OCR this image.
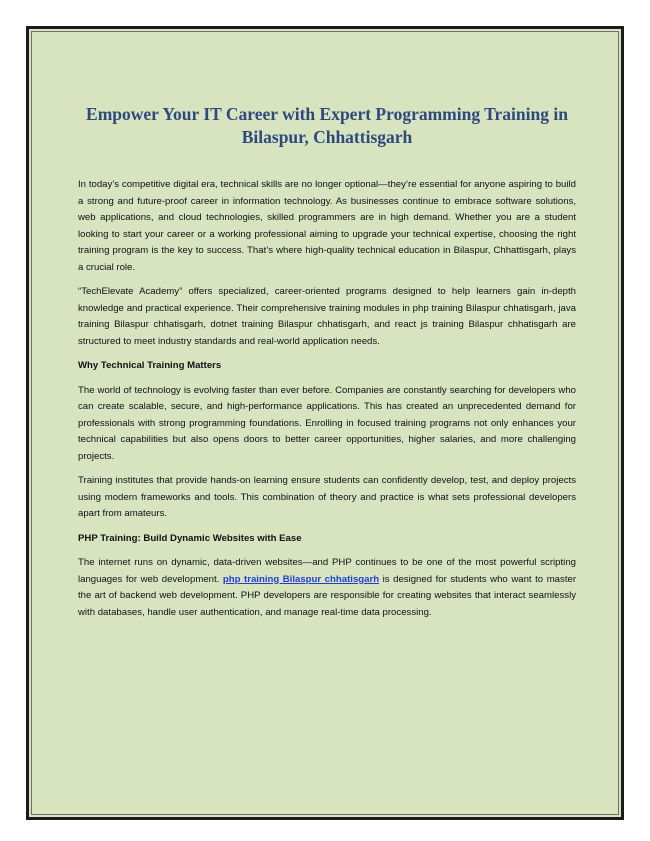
Empower Your IT Career with Expert Programming Training in Bilaspur, Chhattisgarh

In today’s competitive digital era, technical skills are no longer optional—they’re essential for anyone aspiring to build a strong and future-proof career in information technology. As businesses continue to embrace software solutions, web applications, and cloud technologies, skilled programmers are in high demand. Whether you are a student looking to start your career or a working professional aiming to upgrade your technical expertise, choosing the right training program is the key to success. That’s where high-quality technical education in Bilaspur, Chhattisgarh, plays a crucial role.

“TechElevate Academy” offers specialized, career-oriented programs designed to help learners gain in-depth knowledge and practical experience. Their comprehensive training modules in php training Bilaspur chhatisgarh, java training Bilaspur chhatisgarh, dotnet training Bilaspur chhatisgarh, and react js training Bilaspur chhatisgarh are structured to meet industry standards and real-world application needs.

Why Technical Training Matters

The world of technology is evolving faster than ever before. Companies are constantly searching for developers who can create scalable, secure, and high-performance applications. This has created an unprecedented demand for professionals with strong programming foundations. Enrolling in focused training programs not only enhances your technical capabilities but also opens doors to better career opportunities, higher salaries, and more challenging projects.

Training institutes that provide hands-on learning ensure students can confidently develop, test, and deploy projects using modern frameworks and tools. This combination of theory and practice is what sets professional developers apart from amateurs.

PHP Training: Build Dynamic Websites with Ease

The internet runs on dynamic, data-driven websites—and PHP continues to be one of the most powerful scripting languages for web development. php training Bilaspur chhatisgarh is designed for students who want to master the art of backend web development. PHP developers are responsible for creating websites that interact seamlessly with databases, handle user authentication, and manage real-time data processing.
